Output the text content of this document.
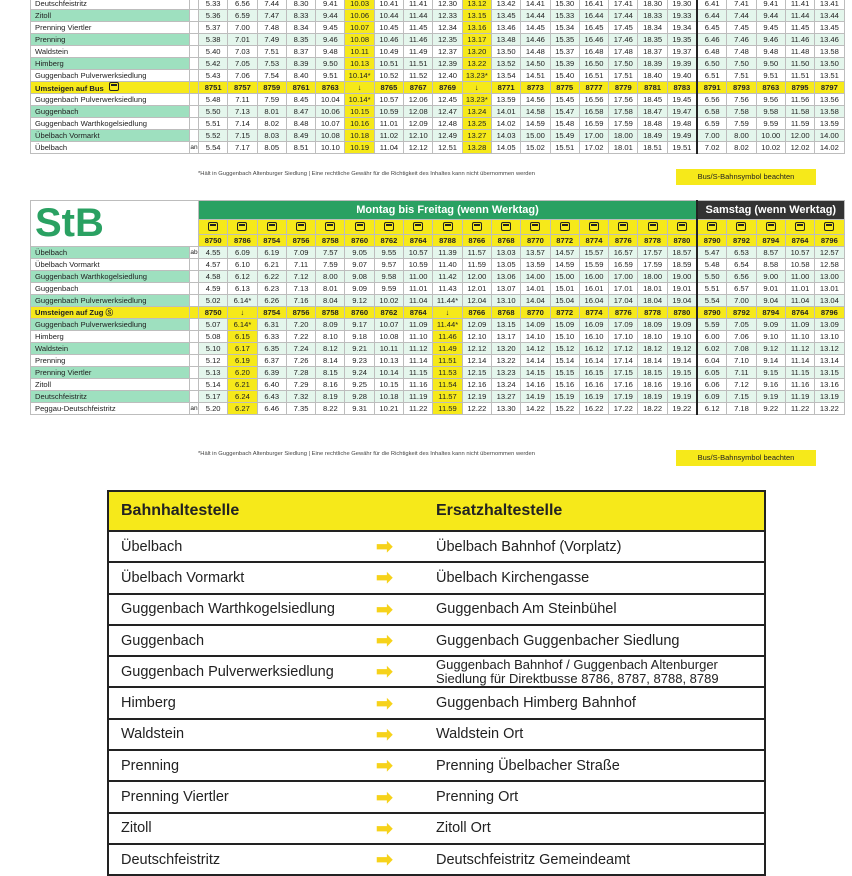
Deutschfeistritz		5.33	6.56	7.44	8.30	9.41	10.03	10.41	11.41	12.30	13.12	13.42	14.41	15.30	16.41	17.41	18.30	19.30	6.41	7.41	9.41	11.41	13.41
Zitoll		5.36	6.59	7.47	8.33	9.44	10.06	10.44	11.44	12.33	13.15	13.45	14.44	15.33	16.44	17.44	18.33	19.33	6.44	7.44	9.44	11.44	13.44
Prenning Viertler		5.37	7.00	7.48	8.34	9.45	10.07	10.45	11.45	12.34	13.16	13.46	14.45	15.34	16.45	17.45	18.34	19.34	6.45	7.45	9.45	11.45	13.45
Prenning		5.38	7.01	7.49	8.35	9.46	10.08	10.46	11.46	12.35	13.17	13.48	14.46	15.35	16.46	17.46	18.35	19.35	6.46	7.46	9.46	11.46	13.46
Waldstein		5.40	7.03	7.51	8.37	9.48	10.11	10.49	11.49	12.37	13.20	13.50	14.48	15.37	16.48	17.48	18.37	19.37	6.48	7.48	9.48	11.48	13.58
Himberg		5.42	7.05	7.53	8.39	9.50	10.13	10.51	11.51	12.39	13.22	13.52	14.50	15.39	16.50	17.50	18.39	19.39	6.50	7.50	9.50	11.50	13.50
Guggenbach Pulverwerksiedlung		5.43	7.06	7.54	8.40	9.51	10.14*	10.52	11.52	12.40	13.23*	13.54	14.51	15.40	16.51	17.51	18.40	19.40	6.51	7.51	9.51	11.51	13.51
Umsteigen auf Bus		8751	8757	8759	8761	8763	↓	8765	8767	8769	↓	8771	8773	8775	8777	8779	8781	8783	8791	8793	8763	8795	8797
Guggenbach Pulverwerksiedlung		5.48	7.11	7.59	8.45	10.04	10.14*	10.57	12.06	12.45	13.23*	13.59	14.56	15.45	16.56	17.56	18.45	19.45	6.56	7.56	9.56	11.56	13.56
Guggenbach		5.50	7.13	8.01	8.47	10.06	10.15	10.59	12.08	12.47	13.24	14.01	14.58	15.47	16.58	17.58	18.47	19.47	6.58	7.58	9.58	11.58	13.58
Guggenbach Warthkogelsiedlung		5.51	7.14	8.02	8.48	10.07	10.16	11.01	12.09	12.48	13.25	14.02	14.59	15.48	16.59	17.59	18.48	19.48	6.59	7.59	9.59	11.59	13.59
Übelbach Vormarkt		5.52	7.15	8.03	8.49	10.08	10.18	11.02	12.10	12.49	13.27	14.03	15.00	15.49	17.00	18.00	18.49	19.49	7.00	8.00	10.00	12.00	14.00
Übelbach	an	5.54	7.17	8.05	8.51	10.10	10.19	11.04	12.12	12.51	13.28	14.05	15.02	15.51	17.02	18.01	18.51	19.51	7.02	8.02	10.02	12.02	14.02
*Hält in Guggenbach Altenburger Siedlung | Eine rechtliche Gewähr für die Richtigkeit des Inhaltes kann nicht übernommen werden	Bus/S-Bahnsymbol beachten
StB		Montag bis Freitag (wenn Werktag)																	Samstag (wenn Werktag)				

		8750	8786	8754	8756	8758	8760	8762	8764	8788	8766	8768	8770	8772	8774	8776	8778	8780	8790	8792	8794	8764	8796
Übelbach	ab	4.55	6.09	6.19	7.09	7.57	9.05	9.55	10.57	11.39	11.57	13.03	13.57	14.57	15.57	16.57	17.57	18.57	5.47	6.53	8.57	10.57	12.57
Übelbach Vormarkt		4.57	6.10	6.21	7.11	7.59	9.07	9.57	10.59	11.40	11.59	13.05	13.59	14.59	15.59	16.59	17.59	18.59	5.48	6.54	8.58	10.58	12.58
Guggenbach Warthkogelsiedlung		4.58	6.12	6.22	7.12	8.00	9.08	9.58	11.00	11.42	12.00	13.06	14.00	15.00	16.00	17.00	18.00	19.00	5.50	6.56	9.00	11.00	13.00
Guggenbach		4.59	6.13	6.23	7.13	8.01	9.09	9.59	11.01	11.43	12.01	13.07	14.01	15.01	16.01	17.01	18.01	19.01	5.51	6.57	9.01	11.01	13.01
Guggenbach Pulverwerksiedlung		5.02	6.14*	6.26	7.16	8.04	9.12	10.02	11.04	11.44*	12.04	13.10	14.04	15.04	16.04	17.04	18.04	19.04	5.54	7.00	9.04	11.04	13.04
Umsteigen auf Zug Ⓢ		8750	↓	8754	8756	8758	8760	8762	8764	↓	8766	8768	8770	8772	8774	8776	8778	8780	8790	8792	8794	8764	8796
Guggenbach Pulverwerksiedlung		5.07	6.14*	6.31	7.20	8.09	9.17	10.07	11.09	11.44*	12.09	13.15	14.09	15.09	16.09	17.09	18.09	19.09	5.59	7.05	9.09	11.09	13.09
Himberg		5.08	6.15	6.33	7.22	8.10	9.18	10.08	11.10	11.46	12.10	13.17	14.10	15.10	16.10	17.10	18.10	19.10	6.00	7.06	9.10	11.10	13.10
Waldstein		5.10	6.17	6.35	7.24	8.12	9.21	10.11	11.12	11.49	12.12	13.20	14.12	15.12	16.12	17.12	18.12	19.12	6.02	7.08	9.12	11.12	13.12
Prenning		5.12	6.19	6.37	7.26	8.14	9.23	10.13	11.14	11.51	12.14	13.22	14.14	15.14	16.14	17.14	18.14	19.14	6.04	7.10	9.14	11.14	13.14
Prenning Viertler		5.13	6.20	6.39	7.28	8.15	9.24	10.14	11.15	11.53	12.15	13.23	14.15	15.15	16.15	17.15	18.15	19.15	6.05	7.11	9.15	11.15	13.15
Zitoll		5.14	6.21	6.40	7.29	8.16	9.25	10.15	11.16	11.54	12.16	13.24	14.16	15.16	16.16	17.16	18.16	19.16	6.06	7.12	9.16	11.16	13.16
Deutschfeistritz		5.17	6.24	6.43	7.32	8.19	9.28	10.18	11.19	11.57	12.19	13.27	14.19	15.19	16.19	17.19	18.19	19.19	6.09	7.15	9.19	11.19	13.19
Peggau-Deutschfeistritz	an	5.20	6.27	6.46	7.35	8.22	9.31	10.21	11.22	11.59	12.22	13.30	14.22	15.22	16.22	17.22	18.22	19.22	6.12	7.18	9.22	11.22	13.22
*Hält in Guggenbach Altenburger Siedlung | Eine rechtliche Gewähr für die Richtigkeit des Inhaltes kann nicht übernommen werden	Bus/S-Bahnsymbol beachten
Bahnhaltestelle	Ersatzhaltestelle
Übelbach	➡	Übelbach Bahnhof (Vorplatz)
Übelbach Vormarkt	➡	Übelbach Kirchengasse
Guggenbach Warthkogelsiedlung	➡	Guggenbach Am Steinbühel
Guggenbach	➡	Guggenbach Guggenbacher Siedlung
Guggenbach Pulverwerksiedlung	➡	Guggenbach Bahnhof / Guggenbach Altenburger Siedlung für Direktbusse 8786, 8787, 8788, 8789
Himberg	➡	Guggenbach Himberg Bahnhof
Waldstein	➡	Waldstein Ort
Prenning	➡	Prenning Übelbacher Straße
Prenning Viertler	➡	Prenning Ort
Zitoll	➡	Zitoll Ort
Deutschfeistritz	➡	Deutschfeistritz Gemeindeamt
